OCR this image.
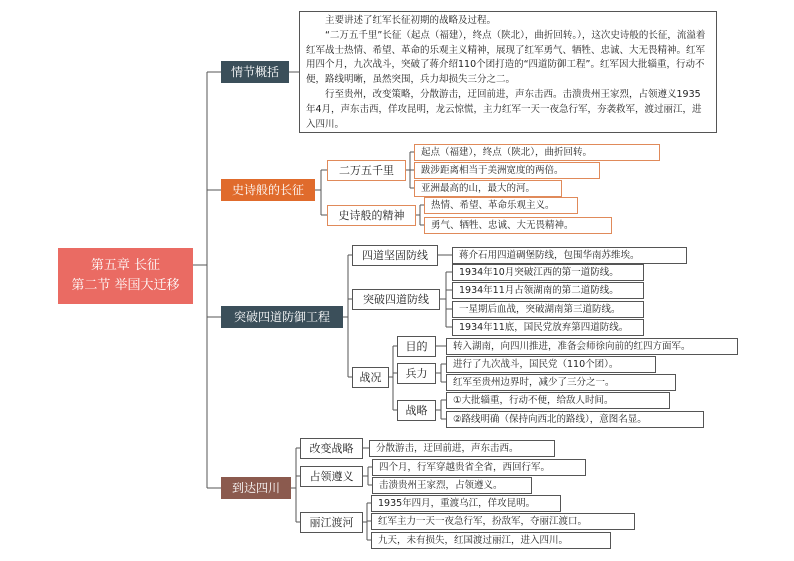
第五章 长征
第二节 举国大迁移
情节概括

主要讲述了红军长征初期的战略及过程。

“二万五千里”长征（起点（福建），终点（陕北），曲折回转。），这次史诗般的长征，流溢着红军战士热情、希望、革命的乐观主义精神，展现了红军勇气、牺牲、忠诚、大无畏精神。红军用四个月，九次战斗，突破了蒋介绍110个团打造的“四道防御工程”。红军因大批辎重，行动不便，路线明晰，虽然突围，兵力却损失三分之二。

行至贵州，改变策略，分散游击，迂回前进，声东击西。击溃贵州王家烈，占领遵义1935年4月，声东击西，佯攻昆明，龙云惊慌，主力红军一天一夜急行军，夯袭救军，渡过丽江，进入四川。

史诗般的长征
二万五千里
起点（福建），终点（陕北），曲折回转。
跋涉距离相当于美洲宽度的两倍。
亚洲最高的山，最大的河。
史诗般的精神
热情、希望、革命乐观主义。
勇气、牺牲、忠诚、大无畏精神。
突破四道防御工程
四道坚固防线	蒋介石用四道碉堡防线，包围华南苏维埃。
突破四道防线
1934年10月突破江西的第一道防线。
1934年11月占领湖南的第二道防线。
一星期后血战，突破湖南第三道防线。
1934年11底，国民党放弃第四道防线。
战况
目的	转入湖南，向四川推进，准备会师徐向前的红四方面军。
兵力
进行了九次战斗，国民党（110个团）。
红军至贵州边界时，减少了三分之一。
战略
①大批辎重，行动不便，给敌人时间。
②路线明确（保持向西北的路线），意图名显。
到达四川
改变战略	分散游击，迂回前进，声东击西。
占领遵义
四个月，行军穿越贵省全省，西回行军。
击溃贵州王家烈，占领遵义。
丽江渡河
1935年四月，重渡乌江，佯攻昆明。
红军主力一天一夜急行军，扮敌军，夺丽江渡口。
九天，未有损失，红国渡过丽江，进入四川。
